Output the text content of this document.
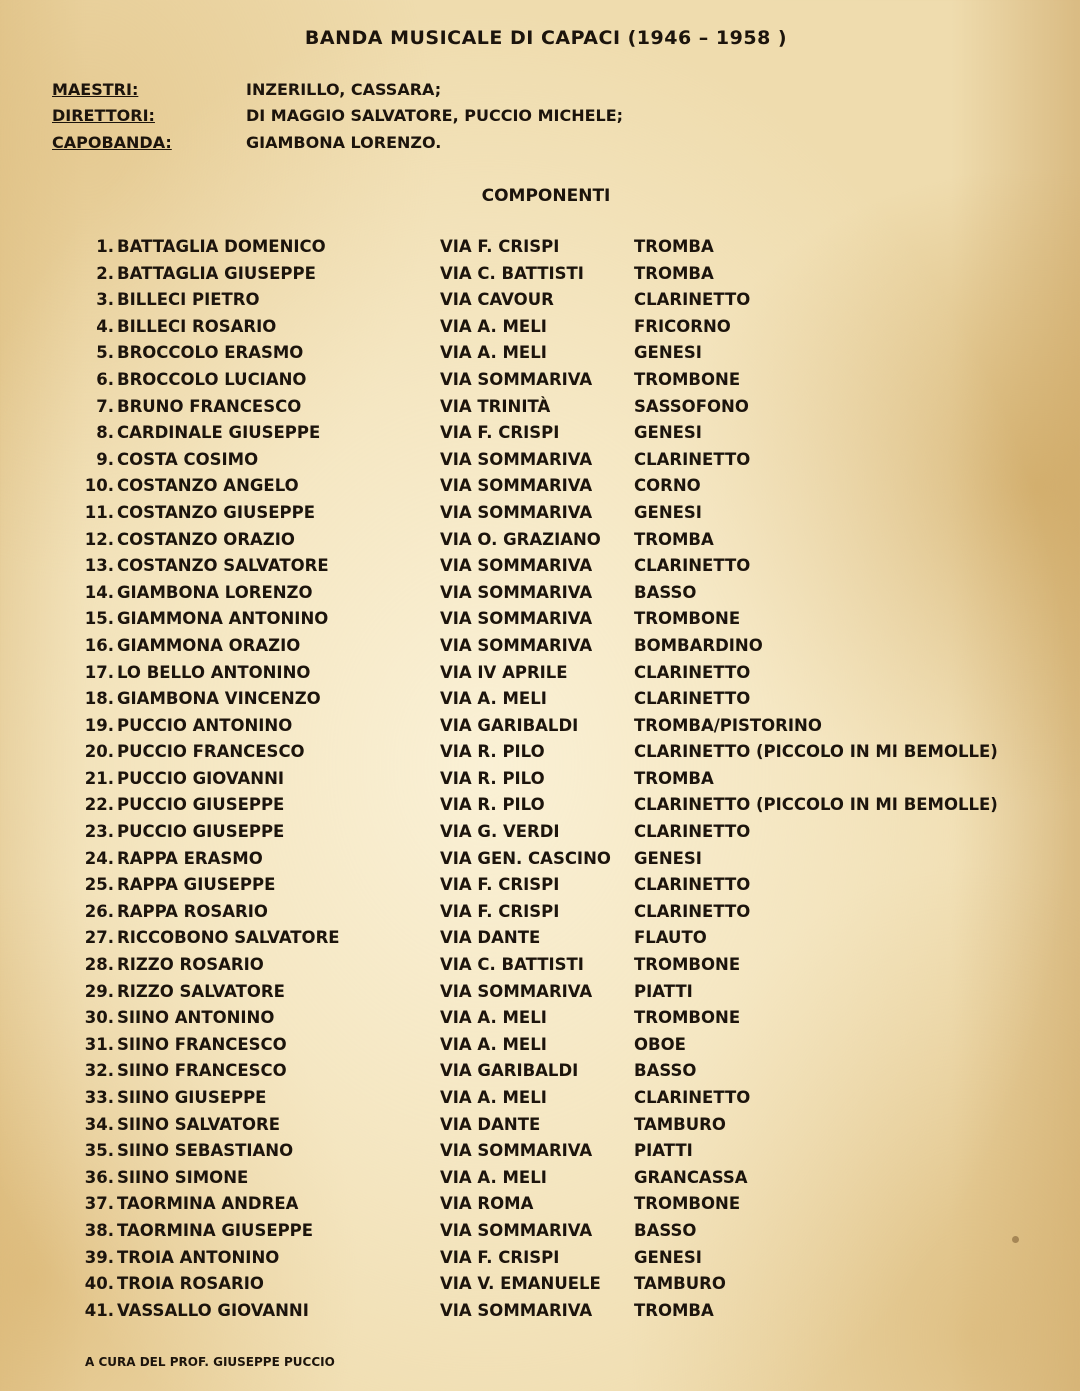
BANDA MUSICALE DI CAPACI (1946 – 1958 )
MAESTRI:	INZERILLO, CASSARA;
DIRETTORI:	DI MAGGIO SALVATORE, PUCCIO MICHELE;
CAPOBANDA:	GIAMBONA LORENZO.
COMPONENTI
1. BATTAGLIA DOMENICO	VIA F. CRISPI	TROMBA
2. BATTAGLIA GIUSEPPE	VIA C. BATTISTI	TROMBA
3. BILLECI PIETRO	VIA CAVOUR	CLARINETTO
4. BILLECI ROSARIO	VIA A. MELI	FRICORNO
5. BROCCOLO ERASMO	VIA A. MELI	GENESI
6. BROCCOLO LUCIANO	VIA SOMMARIVA	TROMBONE
7. BRUNO FRANCESCO	VIA TRINITÀ	SASSOFONO
8. CARDINALE GIUSEPPE	VIA F. CRISPI	GENESI
9. COSTA COSIMO	VIA SOMMARIVA	CLARINETTO
10. COSTANZO ANGELO	VIA SOMMARIVA	CORNO
11. COSTANZO GIUSEPPE	VIA SOMMARIVA	GENESI
12. COSTANZO ORAZIO	VIA O. GRAZIANO TROMBA
13. COSTANZO SALVATORE	VIA SOMMARIVA	CLARINETTO
14. GIAMBONA LORENZO	VIA SOMMARIVA	BASSO
15. GIAMMONA ANTONINO	VIA SOMMARIVA	TROMBONE
16. GIAMMONA ORAZIO	VIA SOMMARIVA	BOMBARDINO
17. LO BELLO ANTONINO	VIA IV APRILE	CLARINETTO
18. GIAMBONA VINCENZO	VIA A. MELI	CLARINETTO
19. PUCCIO ANTONINO	VIA GARIBALDI	TROMBA/PISTORINO
20. PUCCIO FRANCESCO	VIA R. PILO	CLARINETTO (PICCOLO IN MI BEMOLLE)
21. PUCCIO GIOVANNI	VIA R. PILO	TROMBA
22. PUCCIO GIUSEPPE	VIA R. PILO	CLARINETTO (PICCOLO IN MI BEMOLLE)
23. PUCCIO GIUSEPPE	VIA G. VERDI	CLARINETTO
24. RAPPA ERASMO	VIA GEN. CASCINO GENESI
25. RAPPA GIUSEPPE	VIA F. CRISPI	CLARINETTO
26. RAPPA ROSARIO	VIA F. CRISPI	CLARINETTO
27. RICCOBONO SALVATORE	VIA DANTE	FLAUTO
28. RIZZO ROSARIO	VIA C. BATTISTI	TROMBONE
29. RIZZO SALVATORE	VIA SOMMARIVA	PIATTI
30. SIINO ANTONINO	VIA A. MELI	TROMBONE
31. SIINO FRANCESCO	VIA A. MELI	OBOE
32. SIINO FRANCESCO	VIA GARIBALDI	BASSO
33. SIINO GIUSEPPE	VIA A. MELI	CLARINETTO
34. SIINO SALVATORE	VIA DANTE	TAMBURO
35. SIINO SEBASTIANO	VIA SOMMARIVA	PIATTI
36. SIINO SIMONE	VIA A. MELI	GRANCASSA
37. TAORMINA ANDREA	VIA ROMA	TROMBONE
38. TAORMINA GIUSEPPE	VIA SOMMARIVA	BASSO
39. TROIA ANTONINO	VIA F. CRISPI	GENESI
40. TROIA ROSARIO	VIA V. EMANUELE TAMBURO
41. VASSALLO GIOVANNI	VIA SOMMARIVA	TROMBA
A CURA DEL PROF. GIUSEPPE PUCCIO
